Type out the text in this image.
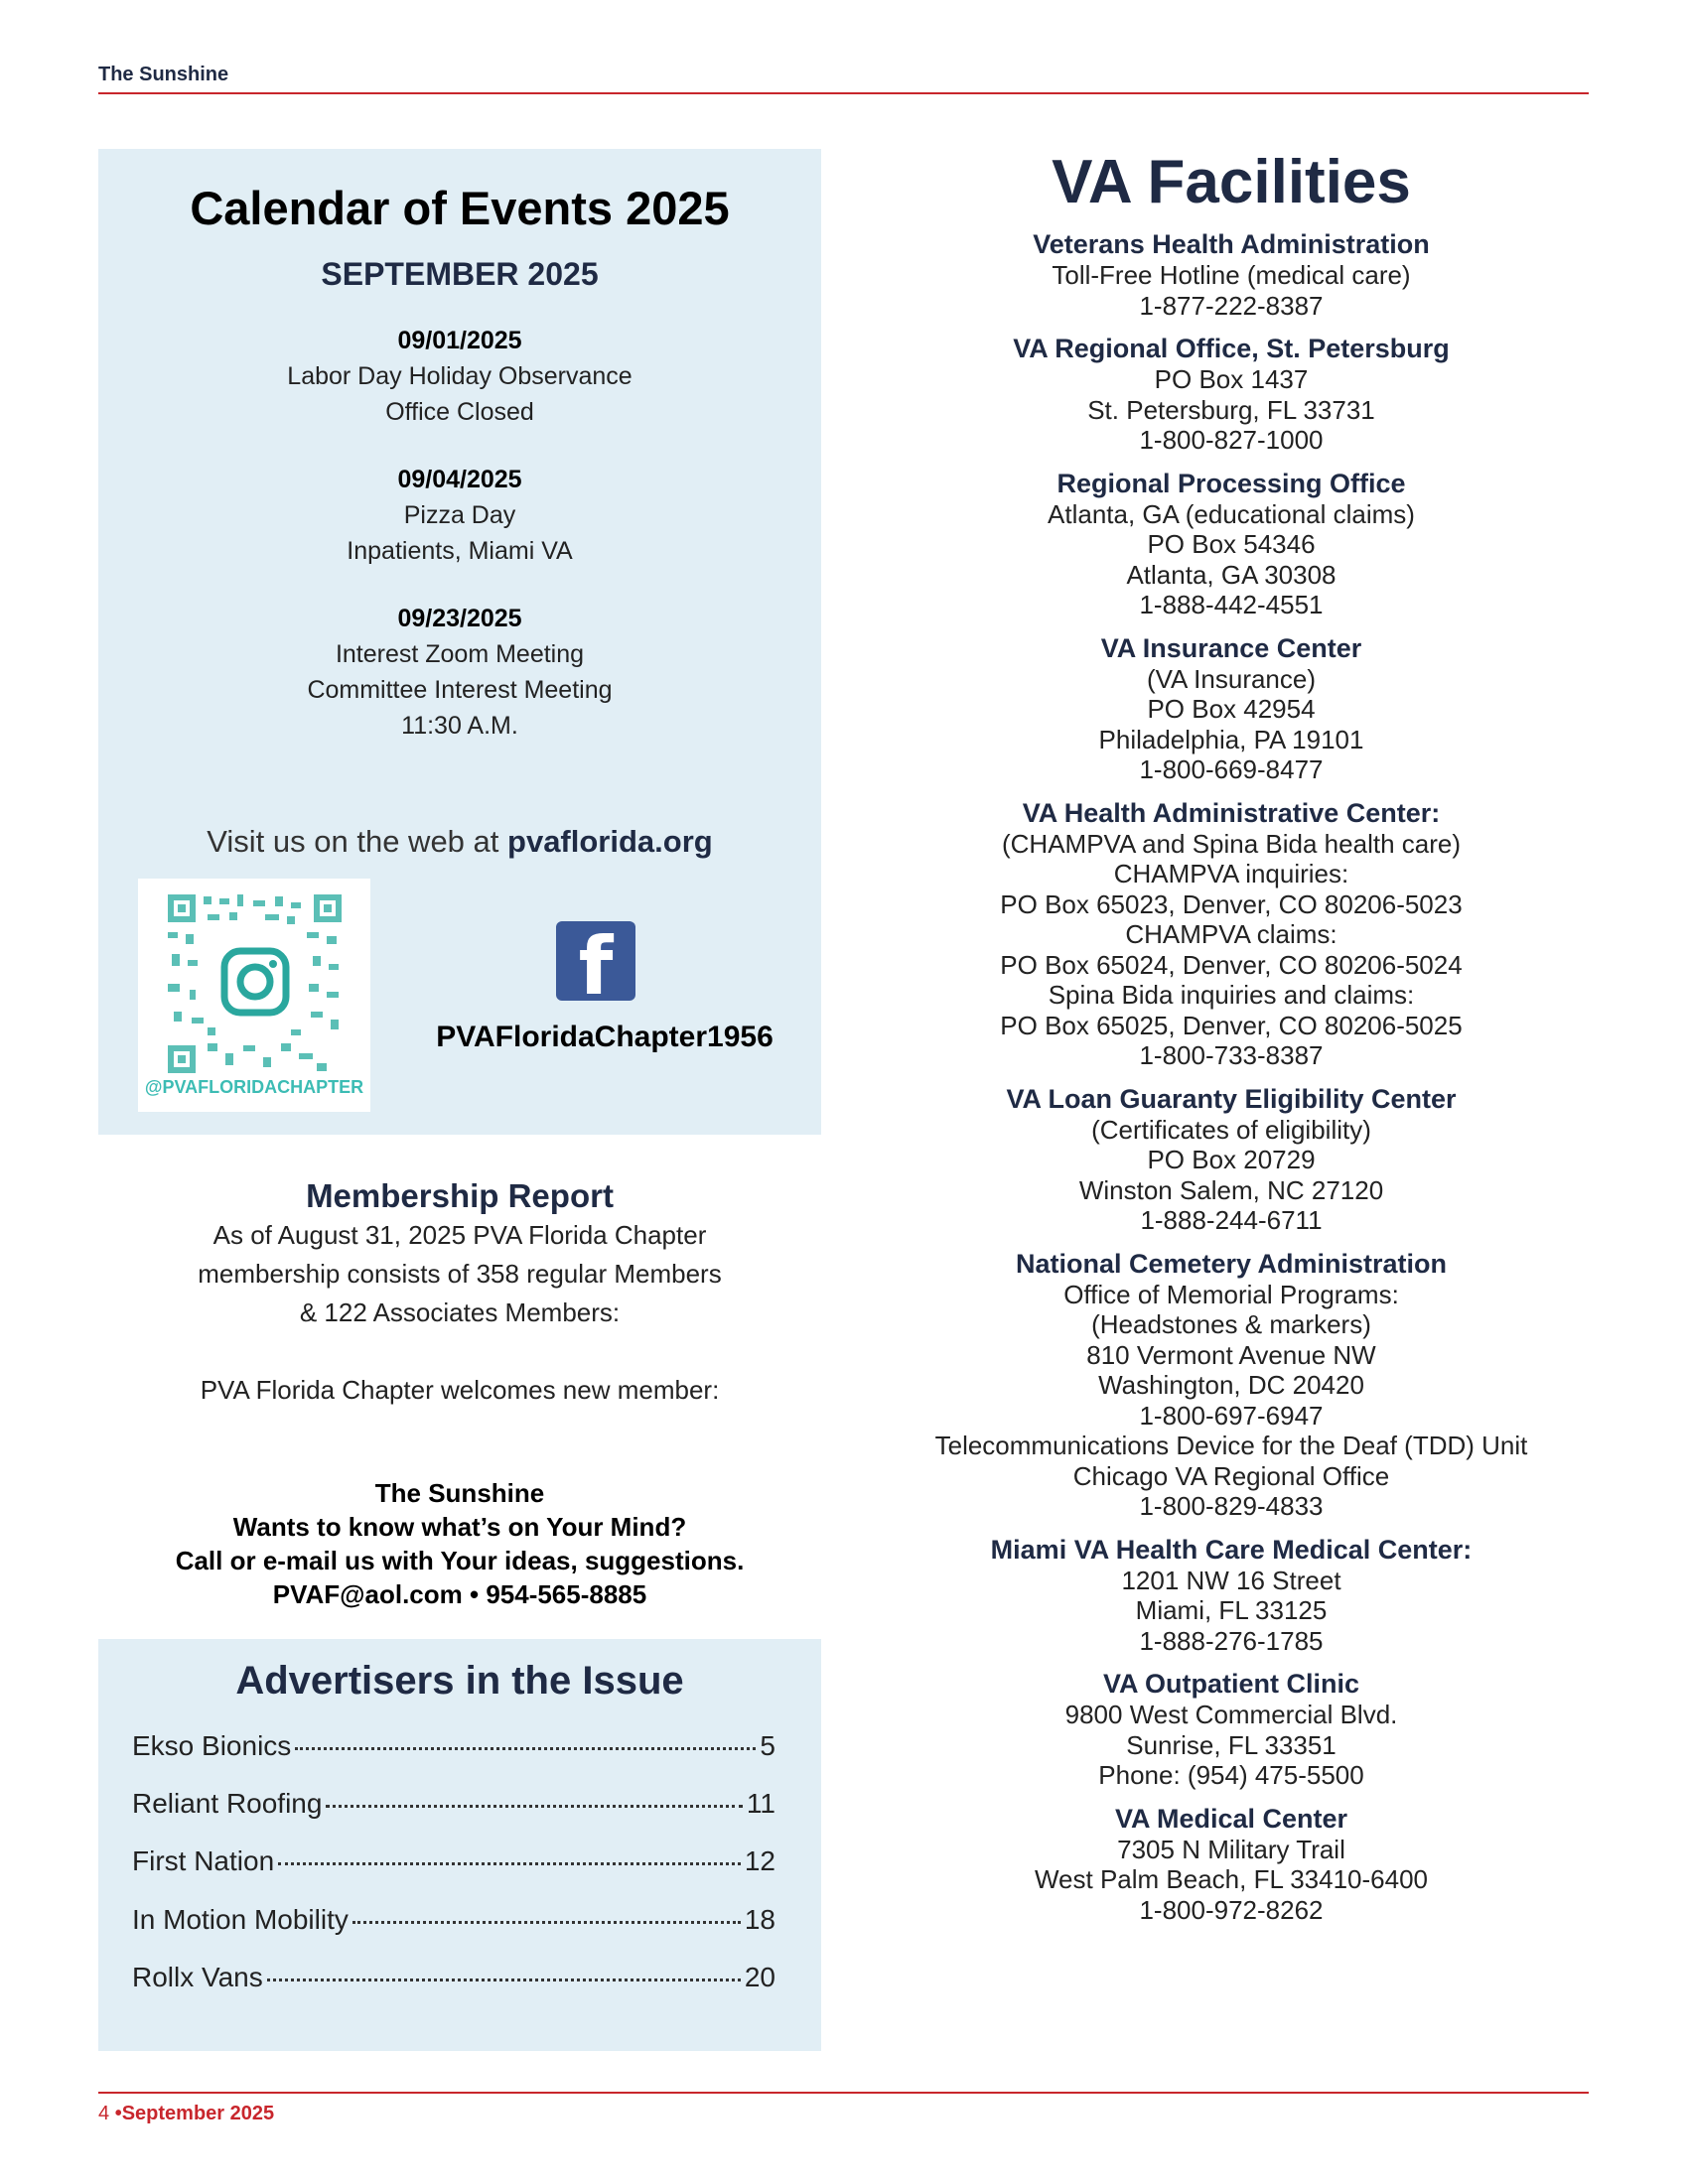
The Sunshine
Calendar of Events 2025
SEPTEMBER 2025
09/01/2025
Labor Day Holiday Observance
Office Closed
09/04/2025
Pizza Day
Inpatients, Miami VA
09/23/2025
Interest Zoom Meeting
Committee Interest Meeting
11:30 A.M.
Visit us on the web at pvaflorida.org
@PVAFLORIDACHAPTER
f
PVAFloridaChapter1956
Membership Report

As of August 31, 2025 PVA Florida Chapter

membership consists of 358 regular Members

& 122 Associates Members:

PVA Florida Chapter welcomes new member:
The Sunshine
Wants to know what’s on Your Mind?
Call or e-mail us with Your ideas, suggestions.
PVAF@aol.com • 954-565-8885
Advertisers in the Issue
Ekso Bionics	5
Reliant Roofing	11
First Nation	12
In Motion Mobility	18
Rollx Vans	20
VA Facilities
Veterans Health Administration
Toll-Free Hotline (medical care)
1-877-222-8387
VA Regional Office, St. Petersburg
PO Box 1437
St. Petersburg, FL 33731
1-800-827-1000
Regional Processing Office
Atlanta, GA (educational claims)
PO Box 54346
Atlanta, GA 30308
1-888-442-4551
VA Insurance Center
(VA Insurance)
PO Box 42954
Philadelphia, PA 19101
1-800-669-8477
VA Health Administrative Center:
(CHAMPVA and Spina Bida health care)
CHAMPVA inquiries:
PO Box 65023, Denver, CO 80206-5023
CHAMPVA claims:
PO Box 65024, Denver, CO 80206-5024
Spina Bida inquiries and claims:
PO Box 65025, Denver, CO 80206-5025
1-800-733-8387
VA Loan Guaranty Eligibility Center
(Certificates of eligibility)
PO Box 20729
Winston Salem, NC 27120
1-888-244-6711
National Cemetery Administration
Office of Memorial Programs:
(Headstones & markers)
810 Vermont Avenue NW
Washington, DC 20420
1-800-697-6947
Telecommunications Device for the Deaf (TDD) Unit
Chicago VA Regional Office
1-800-829-4833
Miami VA Health Care Medical Center:
1201 NW 16 Street
Miami, FL 33125
1-888-276-1785
VA Outpatient Clinic
9800 West Commercial Blvd.
Sunrise, FL 33351
Phone: (954) 475-5500
VA Medical Center
7305 N Military Trail
West Palm Beach, FL 33410-6400
1-800-972-8262
4 •September 2025
